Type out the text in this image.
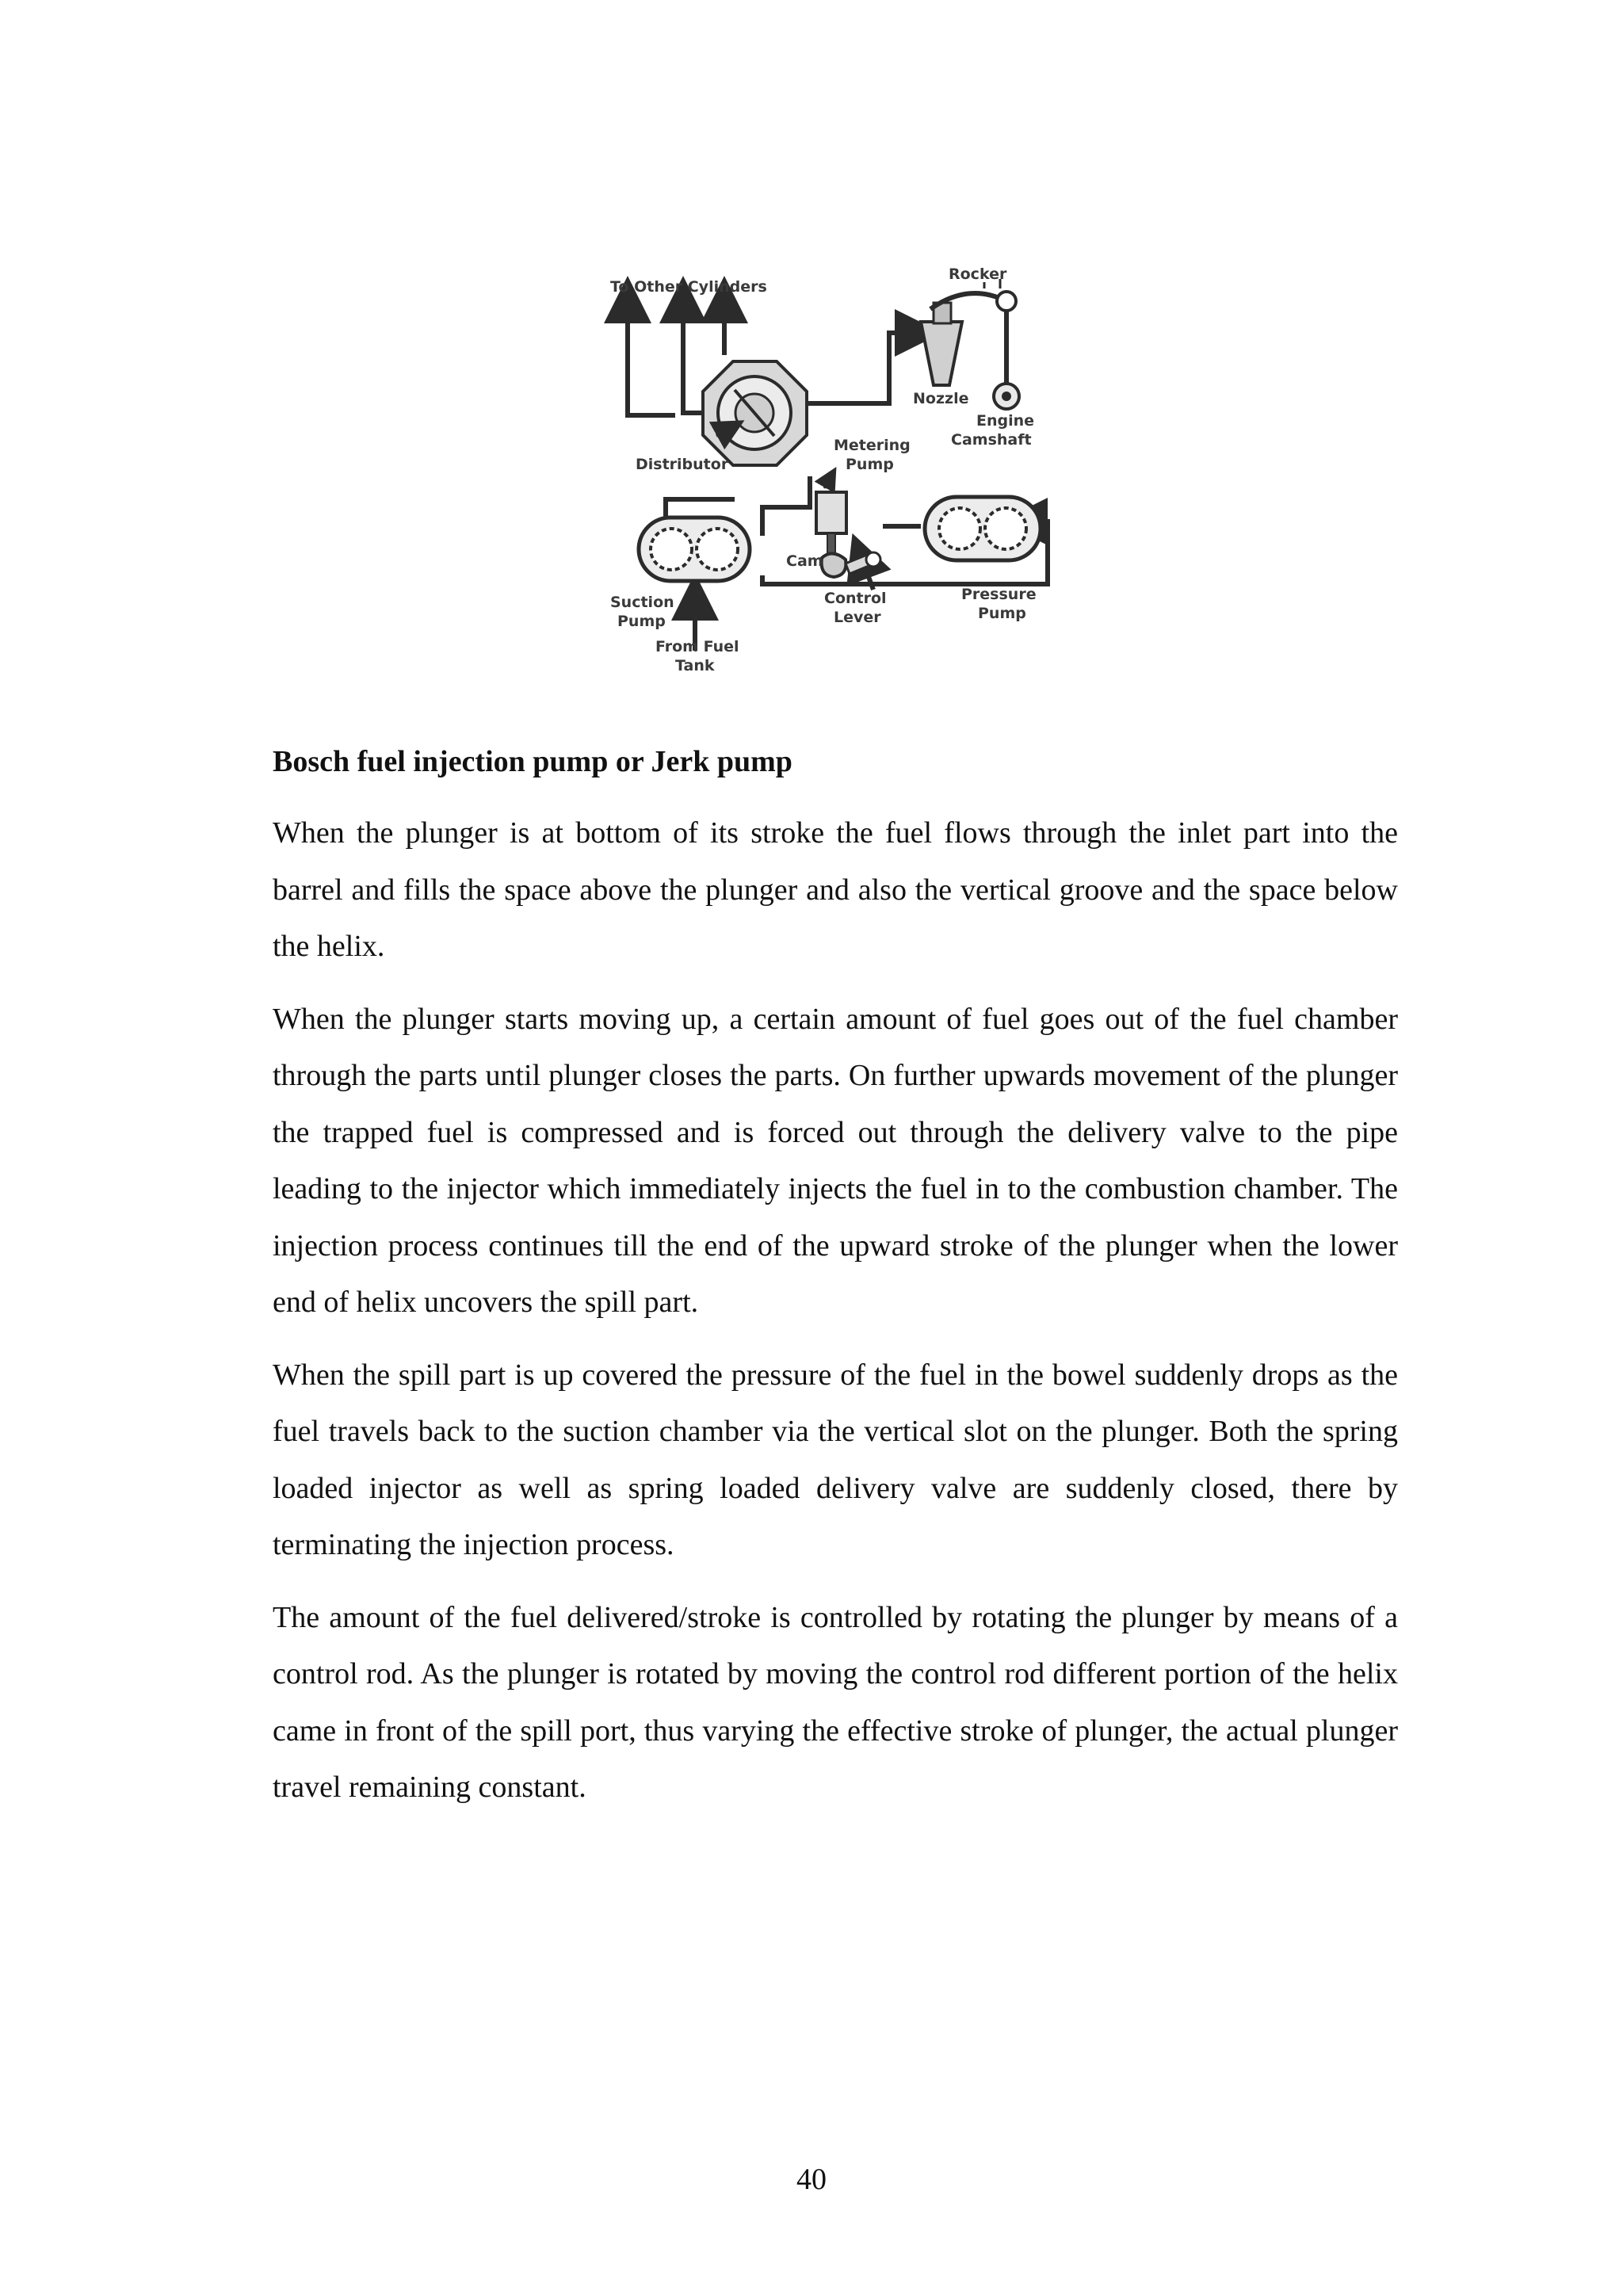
To Other Cylinders
Rocker
Nozzle
Engine
Camshaft
Distributor
Metering
Pump
Cam
Suction
Pump
Control
Lever
Pressure
Pump
From Fuel
Tank
Bosch fuel injection pump or Jerk pump

When the plunger is at bottom of its stroke the fuel flows through the inlet part into the barrel and fills the space above the plunger and also the vertical groove and the space below the helix.

When the plunger starts moving up, a certain amount of fuel goes out of the fuel chamber through the parts until plunger closes the parts. On further upwards movement of the plunger the trapped fuel is compressed and is forced out through the delivery valve to the pipe leading to the injector which immediately injects the fuel in to the combustion chamber. The injection process continues till the end of the upward stroke of the plunger when the lower end of helix uncovers the spill part.

When the spill part is up covered the pressure of the fuel in the bowel suddenly drops as the fuel travels back to the suction chamber via the vertical slot on the plunger. Both the spring loaded injector as well as spring loaded delivery valve are suddenly closed, there by terminating the injection process.

The amount of the fuel delivered/stroke is controlled by rotating the plunger by means of a control rod. As the plunger is rotated by moving the control rod different portion of the helix came in front of the spill port, thus varying the effective stroke of plunger, the actual plunger travel remaining constant.

40
